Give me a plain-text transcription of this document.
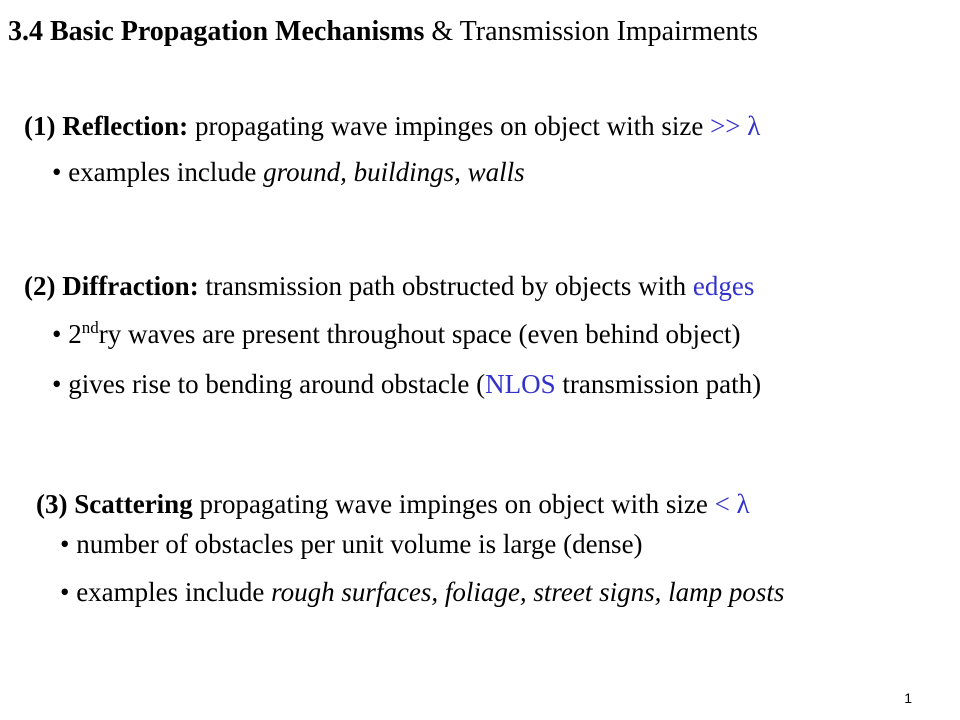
3.4 Basic Propagation Mechanisms & Transmission Impairments
(1) Reflection: propagating wave impinges on object with size >> λ
• examples include ground, buildings, walls
(2) Diffraction: transmission path obstructed by objects with edges
• 2ndry waves are present throughout space (even behind object)
• gives rise to bending around obstacle (NLOS transmission path)
(3) Scattering propagating wave impinges on object with size < λ
• number of obstacles per unit volume is large (dense)
• examples include rough surfaces, foliage, street signs, lamp posts
1
